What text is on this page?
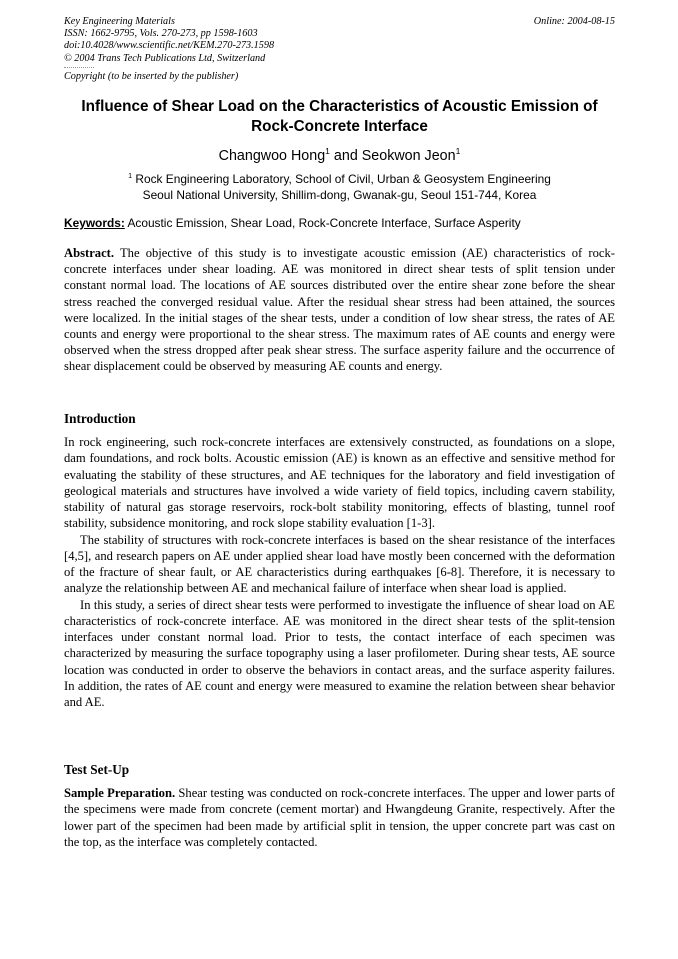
Key Engineering Materials	Online: 2004-08-15
ISSN: 1662-9795, Vols. 270-273, pp 1598-1603
doi:10.4028/www.scientific.net/KEM.270-273.1598
© 2004 Trans Tech Publications Ltd, Switzerland
Copyright (to be inserted by the publisher)
Influence of Shear Load on the Characteristics of Acoustic Emission of Rock-Concrete Interface
Changwoo Hong$^1$ and Seokwon Jeon$^1$
$^1$ Rock Engineering Laboratory, School of Civil, Urban & Geosystem Engineering
Seoul National University, Shillim-dong, Gwanak-gu, Seoul 151-744, Korea
Keywords: Acoustic Emission, Shear Load, Rock-Concrete Interface, Surface Asperity
Abstract. The objective of this study is to investigate acoustic emission (AE) characteristics of rock-concrete interfaces under shear loading. AE was monitored in direct shear tests of split tension under constant normal load. The locations of AE sources distributed over the entire shear zone before the shear stress reached the converged residual value. After the residual shear stress had been attained, the sources were localized. In the initial stages of the shear tests, under a condition of low shear stress, the rates of AE counts and energy were proportional to the shear stress. The maximum rates of AE counts and energy were observed when the stress dropped after peak shear stress. The surface asperity failure and the occurrence of shear displacement could be observed by measuring AE counts and energy.
Introduction

In rock engineering, such rock-concrete interfaces are extensively constructed, as foundations on a slope, dam foundations, and rock bolts. Acoustic emission (AE) is known as an effective and sensitive method for evaluating the stability of these structures, and AE techniques for the laboratory and field investigation of geological materials and structures have involved a wide variety of field topics, including cavern stability, stability of natural gas storage reservoirs, rock-bolt stability monitoring, effects of blasting, tunnel roof stability, subsidence monitoring, and rock slope stability evaluation [1-3].

The stability of structures with rock-concrete interfaces is based on the shear resistance of the interfaces [4,5], and research papers on AE under applied shear load have mostly been concerned with the deformation of the fracture of shear fault, or AE characteristics during earthquakes [6-8]. Therefore, it is necessary to analyze the relationship between AE and mechanical failure of interface when shear load is applied.

In this study, a series of direct shear tests were performed to investigate the influence of shear load on AE characteristics of rock-concrete interface. AE was monitored in the direct shear tests of the split-tension interfaces under constant normal load. Prior to tests, the contact interface of each specimen was characterized by measuring the surface topography using a laser profilometer. During shear tests, AE source location was conducted in order to observe the behaviors in contact areas, and the surface asperity failures. In addition, the rates of AE count and energy were measured to examine the relation between shear behavior and AE.

Test Set-Up

Sample Preparation. Shear testing was conducted on rock-concrete interfaces. The upper and lower parts of the specimens were made from concrete (cement mortar) and Hwangdeung Granite, respectively. After the lower part of the specimen had been made by artificial split in tension, the upper concrete part was cast on the top, as the interface was completely contacted.
